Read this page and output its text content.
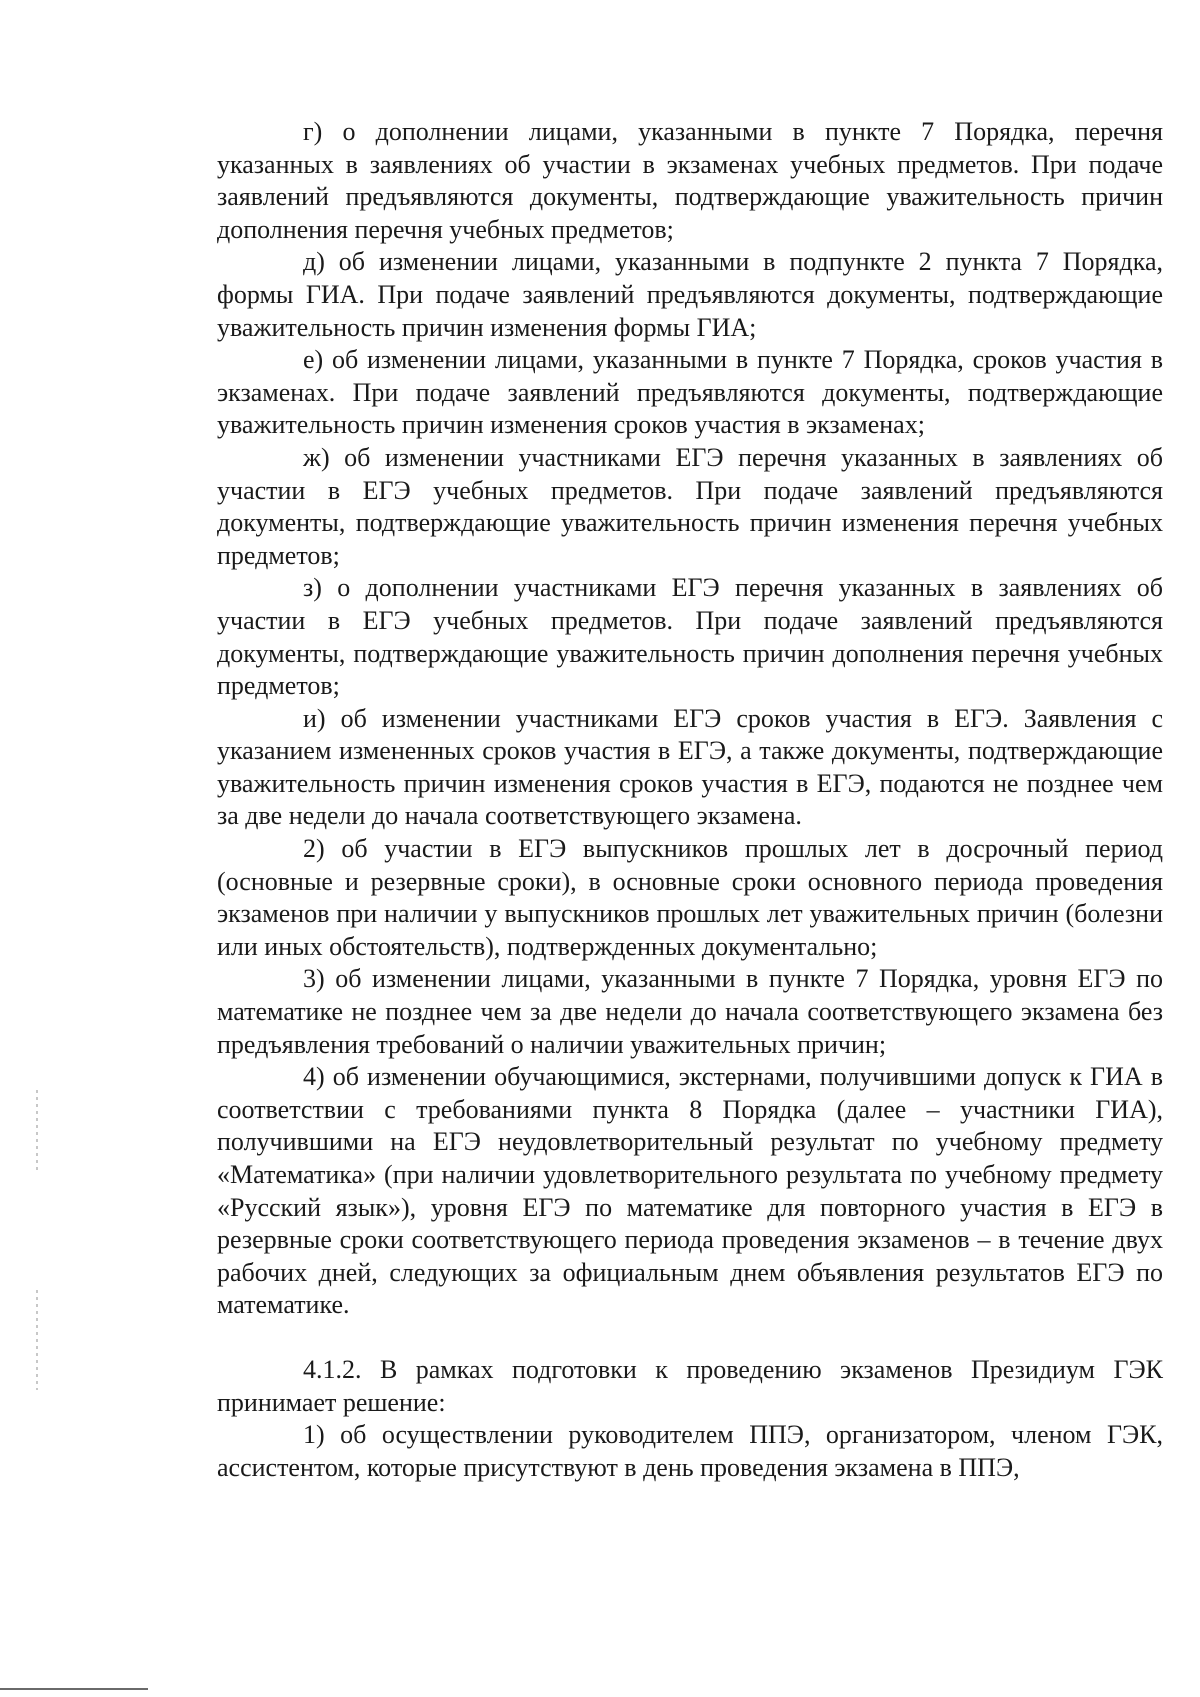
г) о дополнении лицами, указанными в пункте 7 Порядка, перечня указанных в заявлениях об участии в экзаменах учебных предметов. При подаче заявлений предъявляются документы, подтверждающие уважительность причин дополнения перечня учебных предметов;

д) об изменении лицами, указанными в подпункте 2 пункта 7 Порядка, формы ГИА. При подаче заявлений предъявляются документы, подтверждающие уважительность причин изменения формы ГИА;

е) об изменении лицами, указанными в пункте 7 Порядка, сроков участия в экзаменах. При подаче заявлений предъявляются документы, подтверждающие уважительность причин изменения сроков участия в экзаменах;

ж) об изменении участниками ЕГЭ перечня указанных в заявлениях об участии в ЕГЭ учебных предметов. При подаче заявлений предъявляются документы, подтверждающие уважительность причин изменения перечня учебных предметов;

з) о дополнении участниками ЕГЭ перечня указанных в заявлениях об участии в ЕГЭ учебных предметов. При подаче заявлений предъявляются документы, подтверждающие уважительность причин дополнения перечня учебных предметов;

и) об изменении участниками ЕГЭ сроков участия в ЕГЭ. Заявления с указанием измененных сроков участия в ЕГЭ, а также документы, подтверждающие уважительность причин изменения сроков участия в ЕГЭ, подаются не позднее чем за две недели до начала соответствующего экзамена.

2) об участии в ЕГЭ выпускников прошлых лет в досрочный период (основные и резервные сроки), в основные сроки основного периода проведения экзаменов при наличии у выпускников прошлых лет уважительных причин (болезни или иных обстоятельств), подтвержденных документально;

3) об изменении лицами, указанными в пункте 7 Порядка, уровня ЕГЭ по математике не позднее чем за две недели до начала соответствующего экзамена без предъявления требований о наличии уважительных причин;

4) об изменении обучающимися, экстернами, получившими допуск к ГИА в соответствии с требованиями пункта 8 Порядка (далее – участники ГИА), получившими на ЕГЭ неудовлетворительный результат по учебному предмету «Математика» (при наличии удовлетворительного результата по учебному предмету «Русский язык»), уровня ЕГЭ по математике для повторного участия в ЕГЭ в резервные сроки соответствующего периода проведения экзаменов – в течение двух рабочих дней, следующих за официальным днем объявления результатов ЕГЭ по математике.

4.1.2. В рамках подготовки к проведению экзаменов Президиум ГЭК принимает решение:

1) об осуществлении руководителем ППЭ, организатором, членом ГЭК, ассистентом, которые присутствуют в день проведения экзамена в ППЭ,
